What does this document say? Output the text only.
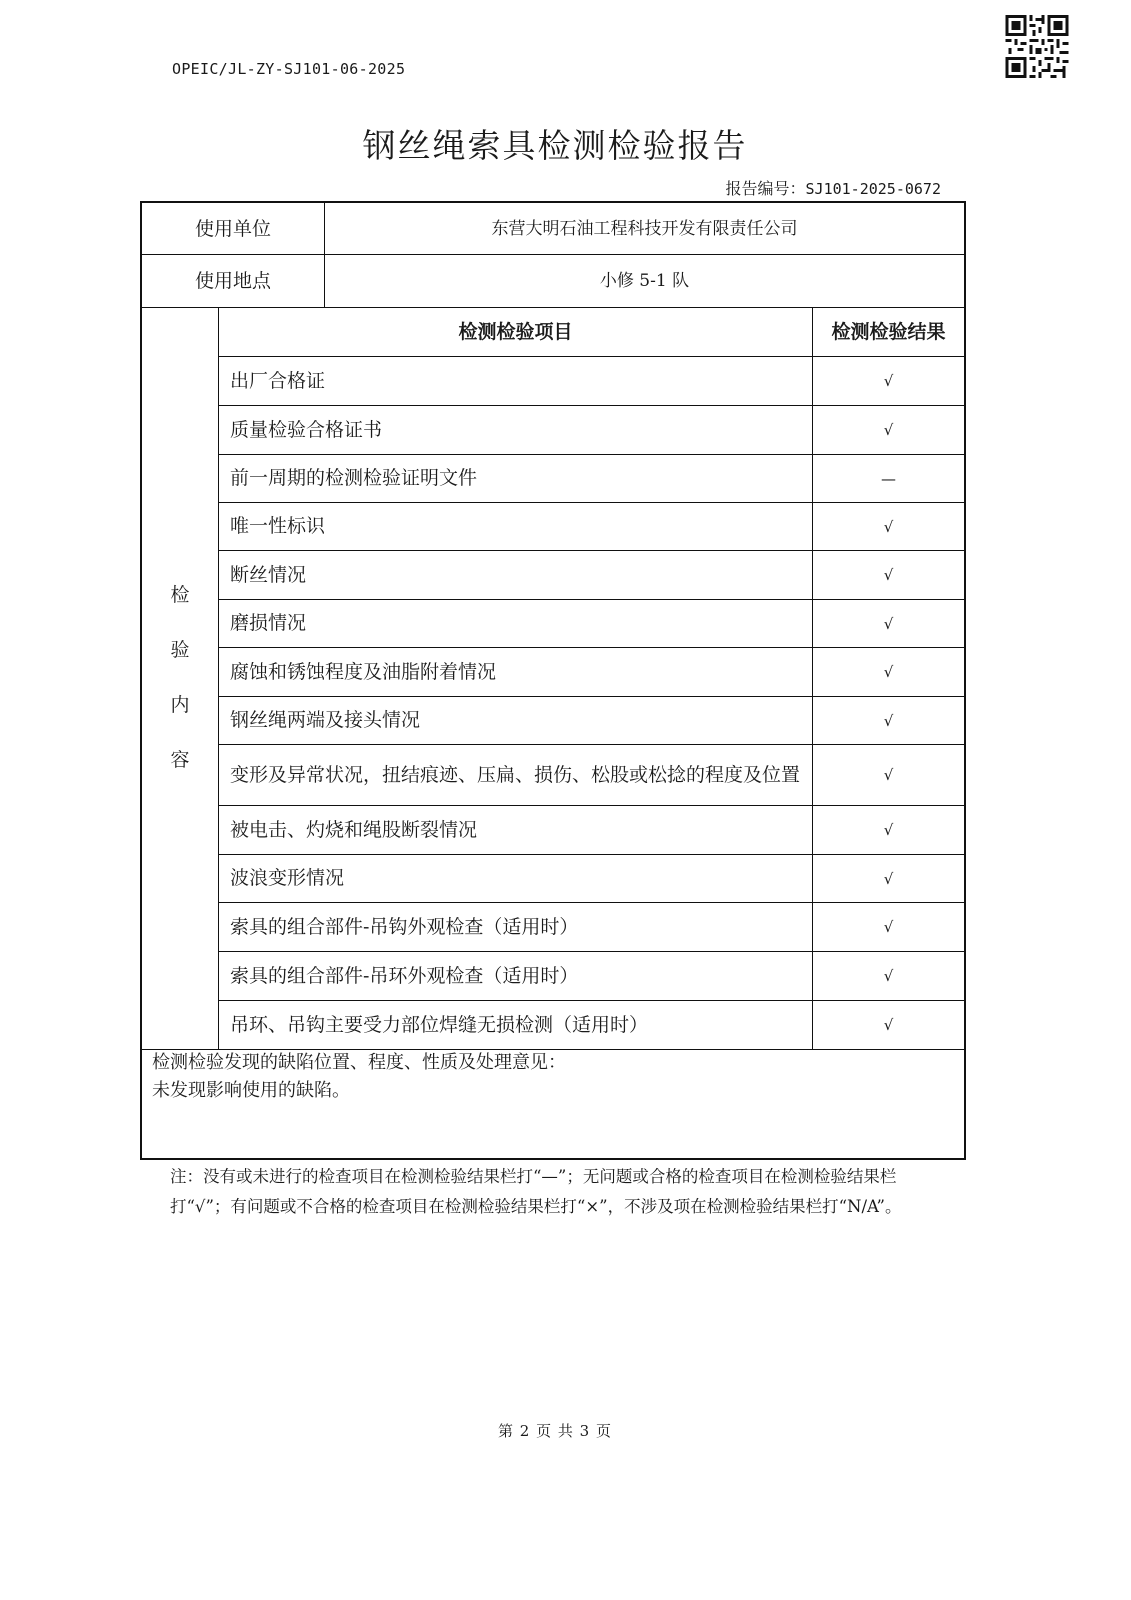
OPEIC/JL-ZY-SJ101-06-2025
钢丝绳索具检测检验报告
报告编号：SJ101-2025-0672
使用单位	东营大明石油工程科技开发有限责任公司
使用地点	小修 5-1 队
检
验
内
容
检测检验项目	检测检验结果
出厂合格证	√
质量检验合格证书	√
前一周期的检测检验证明文件	—
唯一性标识	√
断丝情况	√
磨损情况	√
腐蚀和锈蚀程度及油脂附着情况	√
钢丝绳两端及接头情况	√
变形及异常状况，扭结痕迹、压扁、损伤、松股或松捻的程度及位置	√
被电击、灼烧和绳股断裂情况	√
波浪变形情况	√
索具的组合部件-吊钩外观检查（适用时）	√
索具的组合部件-吊环外观检查（适用时）	√
吊环、吊钩主要受力部位焊缝无损检测（适用时）	√
检测检验发现的缺陷位置、程度、性质及处理意见：
未发现影响使用的缺陷。
注：没有或未进行的检查项目在检测检验结果栏打“—”；无问题或合格的检查项目在检测检验结果栏打“√”；有问题或不合格的检查项目在检测检验结果栏打“×”，不涉及项在检测检验结果栏打“N/A”。
第 2 页 共 3 页
